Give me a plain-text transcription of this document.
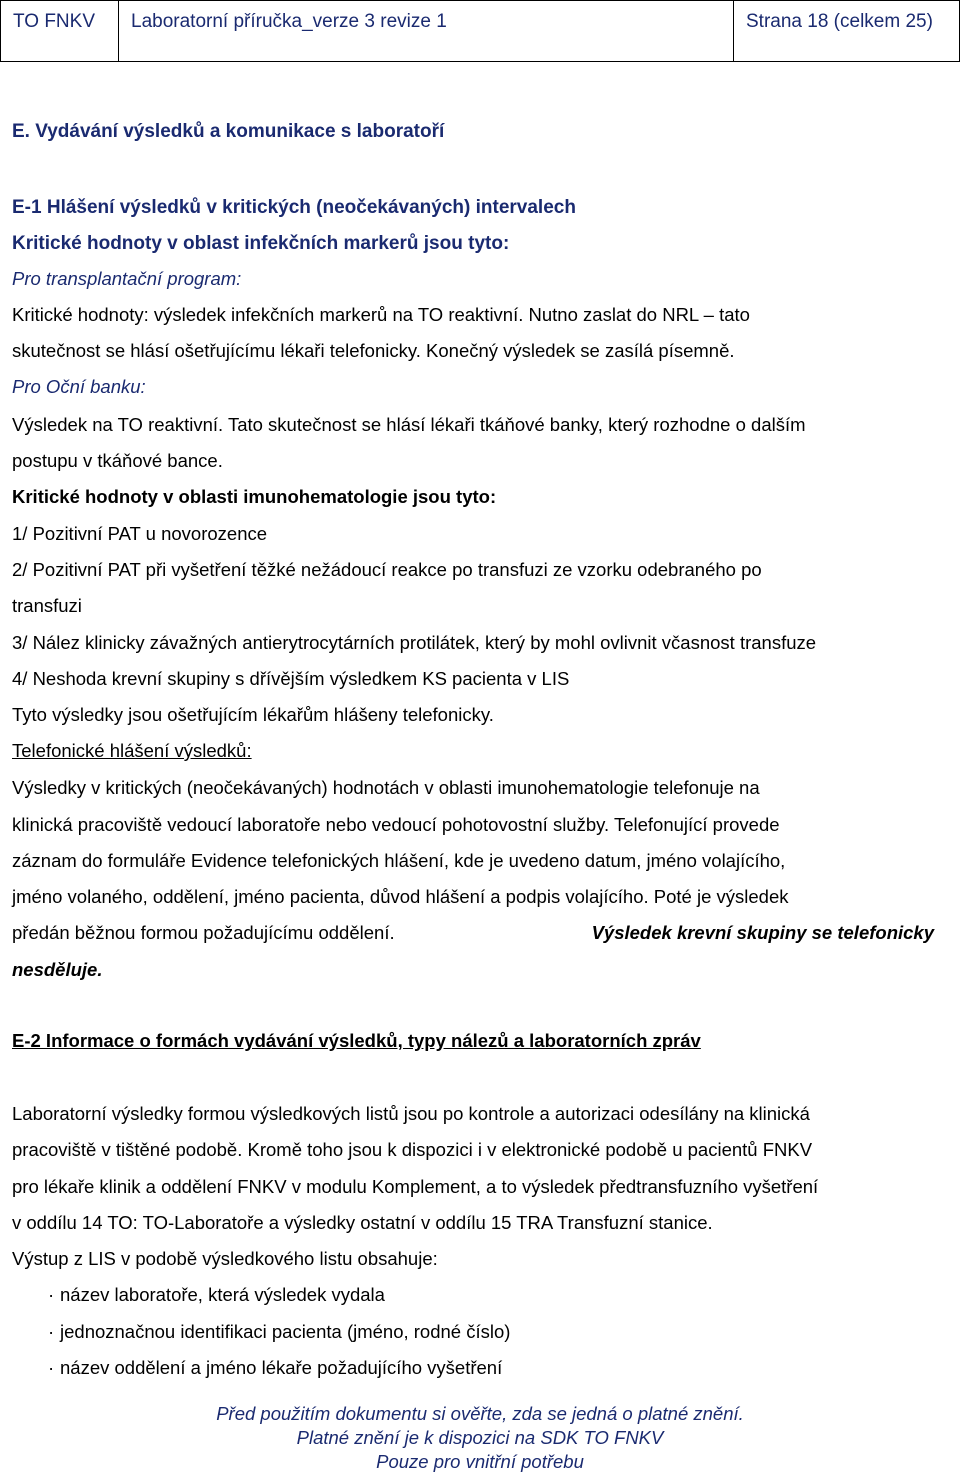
TO FNKV	Laboratorní příručka_verze 3 revize 1	Strana 18 (celkem 25)
E. Vydávání výsledků a komunikace s laboratoří
E-1 Hlášení výsledků v kritických (neočekávaných) intervalech
Kritické hodnoty v oblast infekčních markerů jsou tyto:
Pro transplantační program:
Kritické hodnoty: výsledek infekčních markerů na TO reaktivní. Nutno zaslat do NRL – tato
skutečnost se hlásí ošetřujícímu lékaři telefonicky. Konečný výsledek se zasílá písemně.
Pro Oční banku:
Výsledek na TO reaktivní. Tato skutečnost se hlásí lékaři tkáňové banky, který rozhodne o dalším
postupu v tkáňové bance.
Kritické hodnoty v oblasti imunohematologie jsou tyto:
1/ Pozitivní PAT u novorozence
2/ Pozitivní PAT při vyšetření těžké nežádoucí reakce po transfuzi ze vzorku odebraného po
transfuzi
3/ Nález klinicky závažných antierytrocytárních protilátek, který by mohl ovlivnit včasnost transfuze
4/ Neshoda krevní skupiny s dřívějším výsledkem KS pacienta v LIS
Tyto výsledky jsou ošetřujícím lékařům hlášeny telefonicky.
Telefonické hlášení výsledků:
Výsledky v kritických (neočekávaných) hodnotách v oblasti imunohematologie telefonuje na
klinická pracoviště vedoucí laboratoře nebo vedoucí pohotovostní služby. Telefonující provede
záznam do formuláře Evidence telefonických hlášení, kde je uvedeno datum, jméno volajícího,
jméno volaného, oddělení, jméno pacienta, důvod hlášení a podpis volajícího. Poté je výsledek
předán běžnou formou požadujícímu oddělení.	Výsledek krevní skupiny se telefonicky
nesděluje.
E-2 Informace o formách vydávání výsledků, typy nálezů a laboratorních zpráv
Laboratorní výsledky formou výsledkových listů jsou po kontrole a autorizaci odesílány na klinická
pracoviště v tištěné podobě. Kromě toho jsou k dispozici i v elektronické podobě u pacientů FNKV
pro lékaře klinik a oddělení FNKV v modulu Komplement, a to výsledek předtransfuzního vyšetření
v oddílu 14 TO: TO-Laboratoře a výsledky ostatní v oddílu 15 TRA Transfuzní stanice.
Výstup z LIS v podobě výsledkového listu obsahuje:
· název laboratoře, která výsledek vydala
· jednoznačnou identifikaci pacienta (jméno, rodné číslo)
· název oddělení a jméno lékaře požadujícího vyšetření
Před použitím dokumentu si ověřte, zda se jedná o platné znění.
Platné znění je k dispozici na SDK TO FNKV
Pouze pro vnitřní potřebu
